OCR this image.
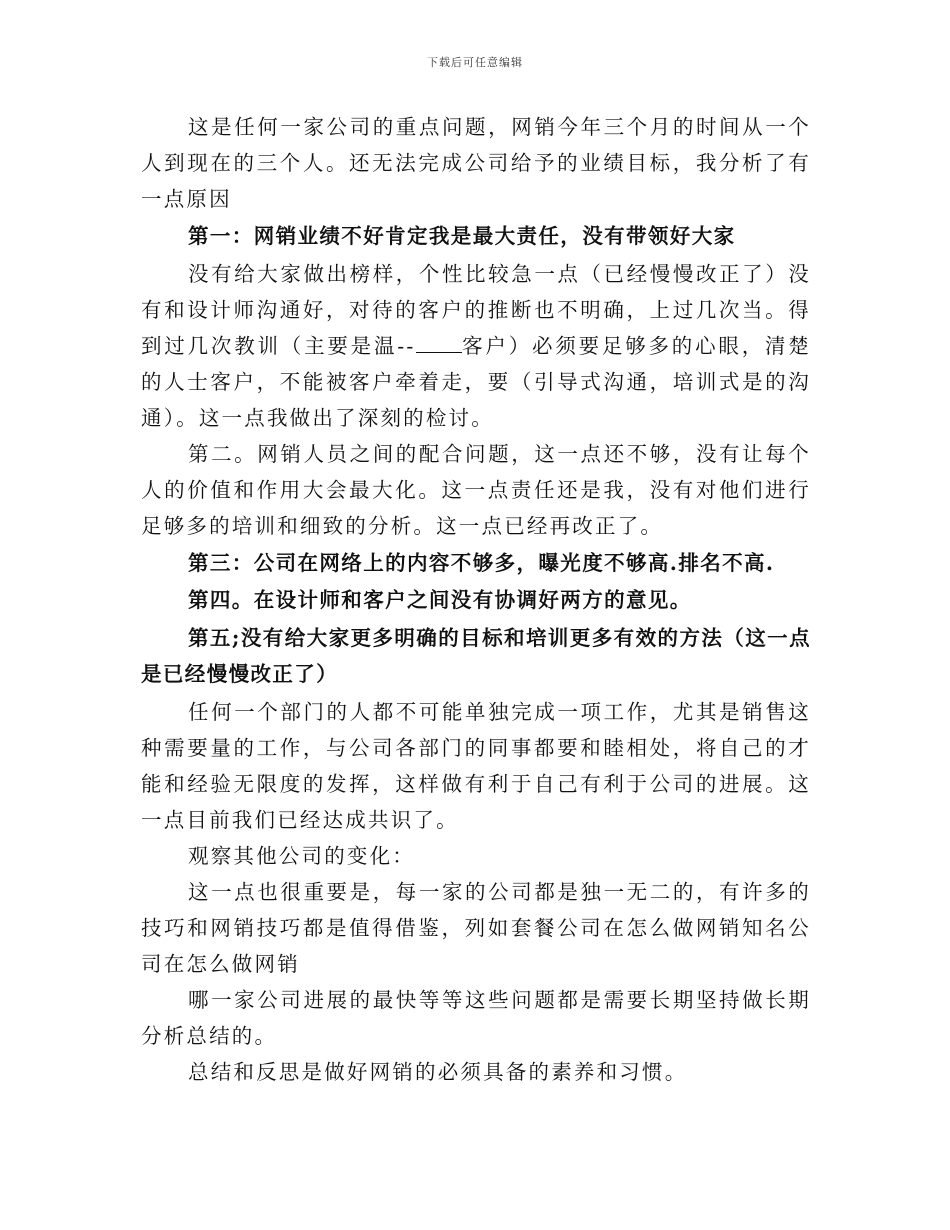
下载后可任意编辑

这是任何一家公司的重点问题，网销今年三个月的时间从一个人到现在的三个人。还无法完成公司给予的业绩目标，我分析了有一点原因

第一：网销业绩不好肯定我是最大责任，没有带领好大家

没有给大家做出榜样，个性比较急一点（已经慢慢改正了）没有和设计师沟通好，对待的客户的推断也不明确，上过几次当。得到过几次教训（主要是温-- 客户）必须要足够多的心眼，清楚的人士客户，不能被客户牵着走，要（引导式沟通，培训式是的沟通）。这一点我做出了深刻的检讨。

第二。网销人员之间的配合问题，这一点还不够，没有让每个人的价值和作用大会最大化。这一点责任还是我，没有对他们进行足够多的培训和细致的分析。这一点已经再改正了。

第三：公司在网络上的内容不够多，曝光度不够高.排名不高.

第四。在设计师和客户之间没有协调好两方的意见。

第五;没有给大家更多明确的目标和培训更多有效的方法（这一点是已经慢慢改正了）

任何一个部门的人都不可能单独完成一项工作，尤其是销售这种需要量的工作，与公司各部门的同事都要和睦相处，将自己的才能和经验无限度的发挥，这样做有利于自己有利于公司的进展。这一点目前我们已经达成共识了。

观察其他公司的变化：

这一点也很重要是，每一家的公司都是独一无二的，有许多的技巧和网销技巧都是值得借鉴，列如套餐公司在怎么做网销知名公司在怎么做网销

哪一家公司进展的最快等等这些问题都是需要长期坚持做长期分析总结的。

总结和反思是做好网销的必须具备的素养和习惯。
